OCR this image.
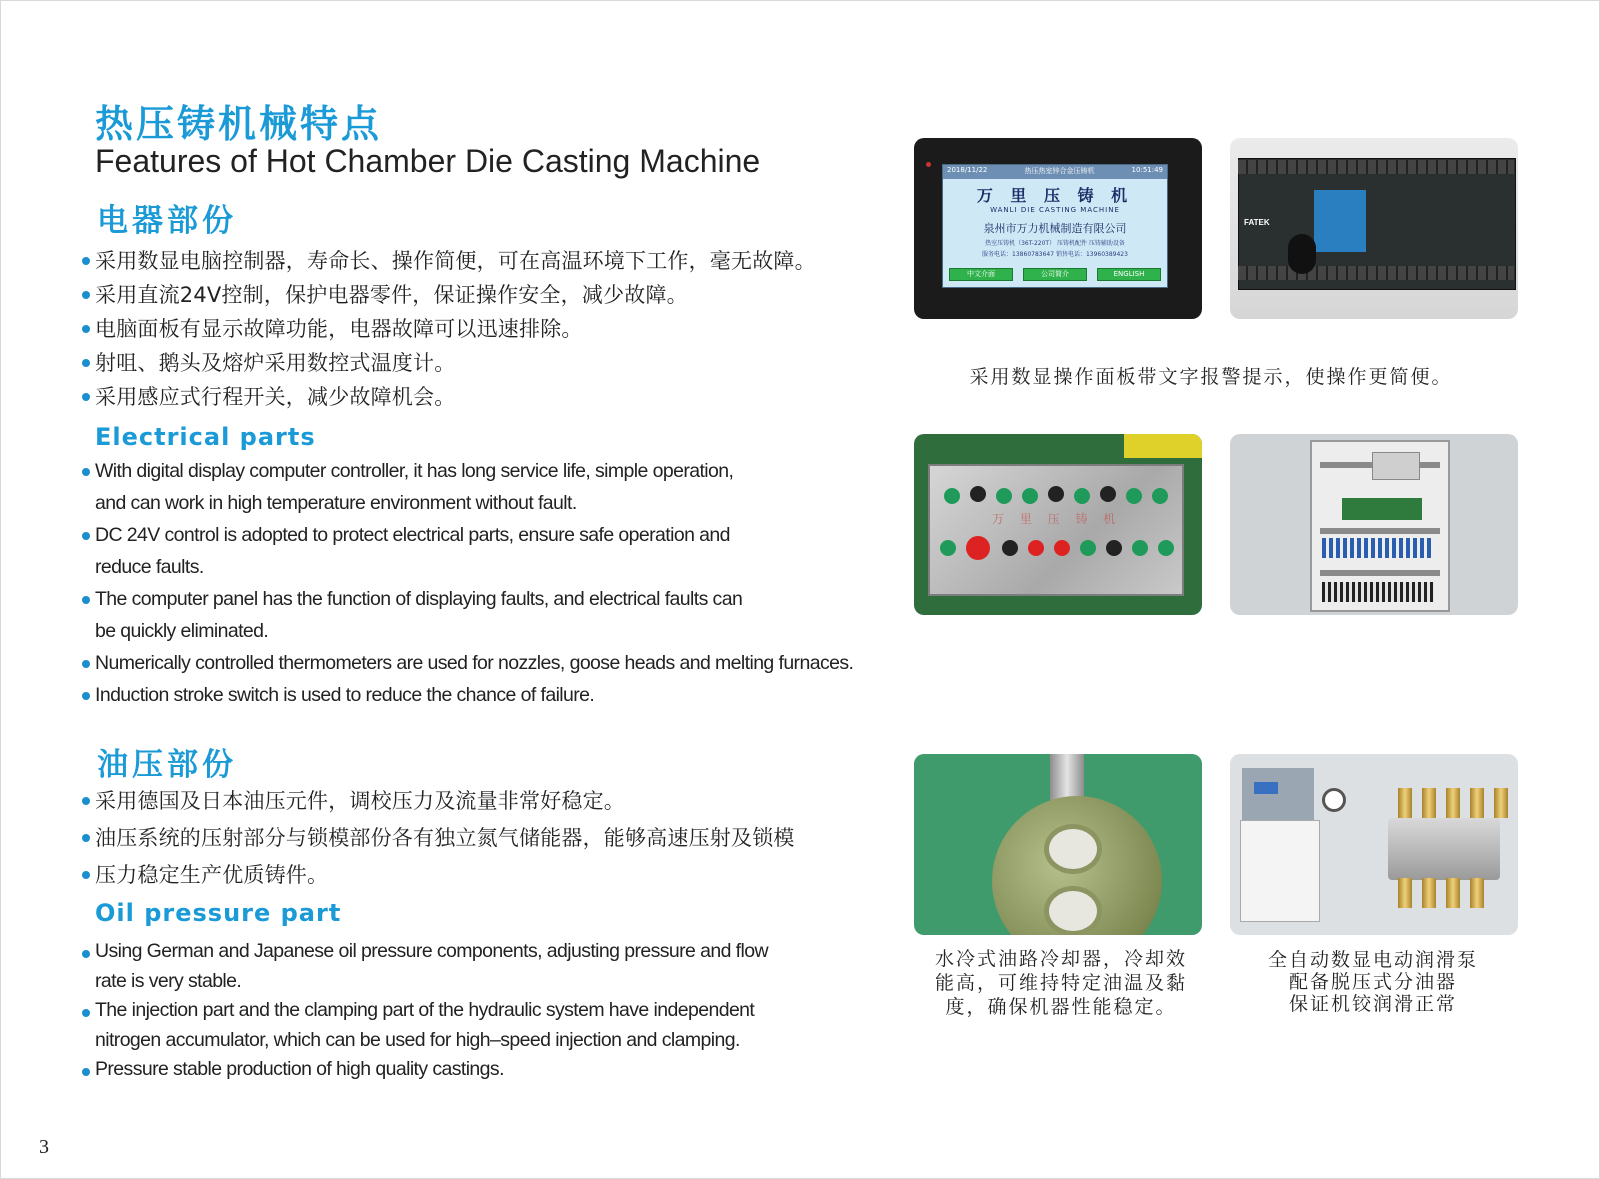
热压铸机械特点
Features of Hot Chamber Die Casting Machine
电器部份
采用数显电脑控制器，寿命长、操作简便，可在高温环境下工作，毫无故障。
采用直流24V控制，保护电器零件，保证操作安全，减少故障。
电脑面板有显示故障功能，电器故障可以迅速排除。
射咀、鹅头及熔炉采用数控式温度计。
采用感应式行程开关，减少故障机会。
Electrical parts
With digital display computer controller, it has long service life, simple operation,
and can work in high temperature environment without fault.
DC 24V control is adopted to protect electrical parts, ensure safe operation and
reduce faults.
The computer panel has the function of displaying faults, and electrical faults can
be quickly eliminated.
Numerically controlled thermometers are used for nozzles, goose heads and melting furnaces.
Induction stroke switch is used to reduce the chance of failure.
油压部份
采用德国及日本油压元件，调校压力及流量非常好稳定。
油压系统的压射部分与锁模部份各有独立氮气储能器，能够高速压射及锁模
压力稳定生产优质铸件。
Oil pressure part
Using German and Japanese oil pressure components, adjusting pressure and flow
rate is very stable.
The injection part and the clamping part of the hydraulic system have independent
nitrogen accumulator, which can be used for high–speed injection and clamping.
Pressure stable production of high quality castings.
2018/11/22	热压热室锌合金压铸机	10:51:49
万 里 压 铸 机
WANLI DIE CASTING MACHINE
泉州市万力机械制造有限公司
热室压铸机（36T-220T） 压铸机配件 压铸辅助设备
服务电话：13860783647 销售电话：13960389423
中文介面	公司简介	ENGLISH
FATEK
采用数显操作面板带文字报警提示，使操作更简便。
万 里 压 铸 机
水冷式油路冷却器，冷却效
能高，可维持特定油温及黏
度，确保机器性能稳定。
全自动数显电动润滑泵
配备脱压式分油器
保证机铰润滑正常
3
